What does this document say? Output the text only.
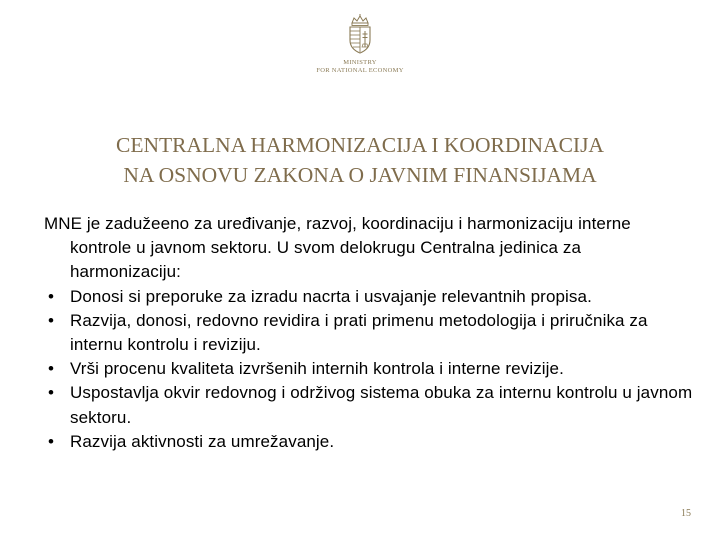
MINISTRY
FOR NATIONAL ECONOMY
CENTRALNA HARMONIZACIJA I KOORDINACIJA
NA OSNOVU ZAKONA O JAVNIM FINANSIJAMA

MNE je zadužeeno za uređivanje, razvoj, koordinaciju i harmonizaciju interne kontrole u javnom sektoru. U svom delokrugu Centralna jedinica za harmonizaciju:

• Donosi si preporuke za izradu nacrta i usvajanje relevantnih propisa.
• Razvija, donosi, redovno revidira i prati primenu metodologija i priručnika za internu kontrolu i reviziju.
• Vrši procenu kvaliteta izvršenih internih kontrola i interne revizije.
• Uspostavlja okvir redovnog i održivog sistema obuka za internu kontrolu u javnom sektoru.
• Razvija aktivnosti za umrežavanje.
15
